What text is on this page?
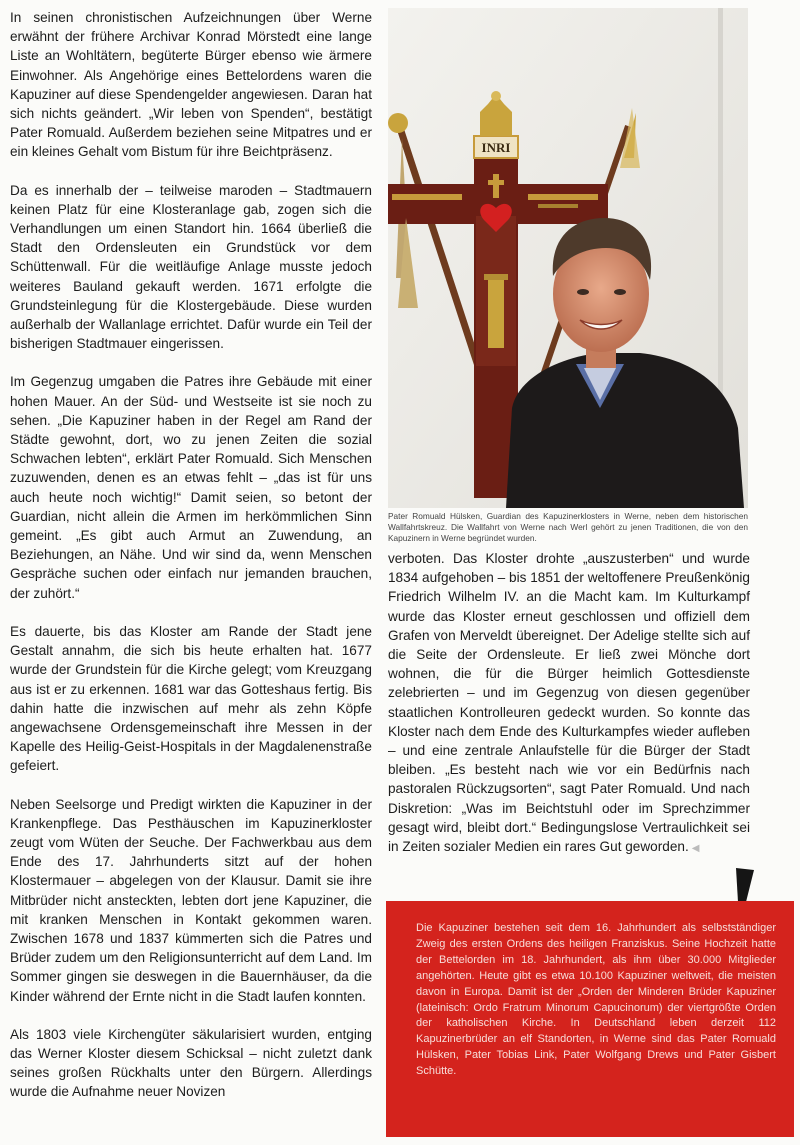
In seinen chronistischen Aufzeichnungen über Werne erwähnt der frühere Archivar Konrad Mörstedt eine lange Liste an Wohltätern, begüterte Bürger ebenso wie ärmere Einwohner. Als Angehörige eines Bettelordens waren die Kapuziner auf diese Spendengelder angewiesen. Daran hat sich nichts geändert. „Wir leben von Spenden“, bestätigt Pater Romuald. Außerdem beziehen seine Mitpatres und er ein kleines Gehalt vom Bistum für ihre Beichtpräsenz.

Da es innerhalb der – teilweise maroden – Stadtmauern keinen Platz für eine Klosteranlage gab, zogen sich die Verhandlungen um einen Standort hin. 1664 überließ die Stadt den Ordensleuten ein Grundstück vor dem Schüttenwall. Für die weitläufige Anlage musste jedoch weiteres Bauland gekauft werden. 1671 erfolgte die Grundsteinlegung für die Klostergebäude. Diese wurden außerhalb der Wallanlage errichtet. Dafür wurde ein Teil der bisherigen Stadtmauer eingerissen.

Im Gegenzug umgaben die Patres ihre Gebäude mit einer hohen Mauer. An der Süd- und Westseite ist sie noch zu sehen. „Die Kapuziner haben in der Regel am Rand der Städte gewohnt, dort, wo zu jenen Zeiten die sozial Schwachen lebten“, erklärt Pater Romuald. Sich Menschen zuzuwenden, denen es an etwas fehlt – „das ist für uns auch heute noch wichtig!“ Damit seien, so betont der Guardian, nicht allein die Armen im herkömmlichen Sinn gemeint. „Es gibt auch Armut an Zuwendung, an Beziehungen, an Nähe. Und wir sind da, wenn Menschen Gespräche suchen oder einfach nur jemanden brauchen, der zuhört.“

Es dauerte, bis das Kloster am Rande der Stadt jene Gestalt annahm, die sich bis heute erhalten hat. 1677 wurde der Grundstein für die Kirche gelegt; vom Kreuzgang aus ist er zu erkennen. 1681 war das Gotteshaus fertig. Bis dahin hatte die inzwischen auf mehr als zehn Köpfe angewachsene Ordensgemeinschaft ihre Messen in der Kapelle des Heilig-Geist-Hospitals in der Magdalenenstraße gefeiert.

Neben Seelsorge und Predigt wirkten die Kapuziner in der Krankenpflege. Das Pesthäuschen im Kapuzinerkloster zeugt vom Wüten der Seuche. Der Fachwerkbau aus dem Ende des 17. Jahrhunderts sitzt auf der hohen Klostermauer – abgelegen von der Klausur. Damit sie ihre Mitbrüder nicht ansteckten, lebten dort jene Kapuziner, die mit kranken Menschen in Kontakt gekommen waren. Zwischen 1678 und 1837 kümmerten sich die Patres und Brüder zudem um den Religionsunterricht auf dem Land. Im Sommer gingen sie deswegen in die Bauernhäuser, da die Kinder während der Ernte nicht in die Stadt laufen konnten.

Als 1803 viele Kirchengüter säkularisiert wurden, entging das Werner Kloster diesem Schicksal – nicht zuletzt dank seines großen Rückhalts unter den Bürgern. Allerdings wurde die Aufnahme neuer Novizen

INRI
Pater Romuald Hülsken, Guardian des Kapuzinerklosters in Werne, neben dem historischen Wallfahrtskreuz. Die Wallfahrt von Werne nach Werl gehört zu jenen Traditionen, die von den Kapuzinern in Werne begründet wurden.

verboten. Das Kloster drohte „auszusterben“ und wurde 1834 aufgehoben – bis 1851 der weltoffenere Preußenkönig Friedrich Wilhelm IV. an die Macht kam. Im Kulturkampf wurde das Kloster erneut geschlossen und offiziell dem Grafen von Merveldt übereignet. Der Adelige stellte sich auf die Seite der Ordensleute. Er ließ zwei Mönche dort wohnen, die für die Bürger heimlich Gottesdienste zelebrierten – und im Gegenzug von diesen gegenüber staatlichen Kontrolleuren gedeckt wurden. So konnte das Kloster nach dem Ende des Kulturkampfes wieder aufleben – und eine zentrale Anlaufstelle für die Bürger der Stadt bleiben. „Es besteht nach wie vor ein Bedürfnis nach pastoralen Rückzugsorten“, sagt Pater Romuald. Und nach Diskretion: „Was im Beichtstuhl oder im Sprechzimmer gesagt wird, bleibt dort.“ Bedingungslose Vertraulichkeit sei in Zeiten sozialer Medien ein rares Gut geworden. ◀

Die Kapuziner bestehen seit dem 16. Jahrhundert als selbstständiger Zweig des ersten Ordens des heiligen Franziskus. Seine Hochzeit hatte der Bettelorden im 18. Jahrhundert, als ihm über 30.000 Mitglieder angehörten. Heute gibt es etwa 10.100 Kapuziner weltweit, die meisten davon in Europa. Damit ist der „Orden der Minderen Brüder Kapuziner (lateinisch: Ordo Fratrum Minorum Capucinorum) der viertgrößte Orden der katholischen Kirche. In Deutschland leben derzeit 112 Kapuzinerbrüder an elf Standorten, in Werne sind das Pater Romuald Hülsken, Pater Tobias Link, Pater Wolfgang Drews und Pater Gisbert Schütte.
